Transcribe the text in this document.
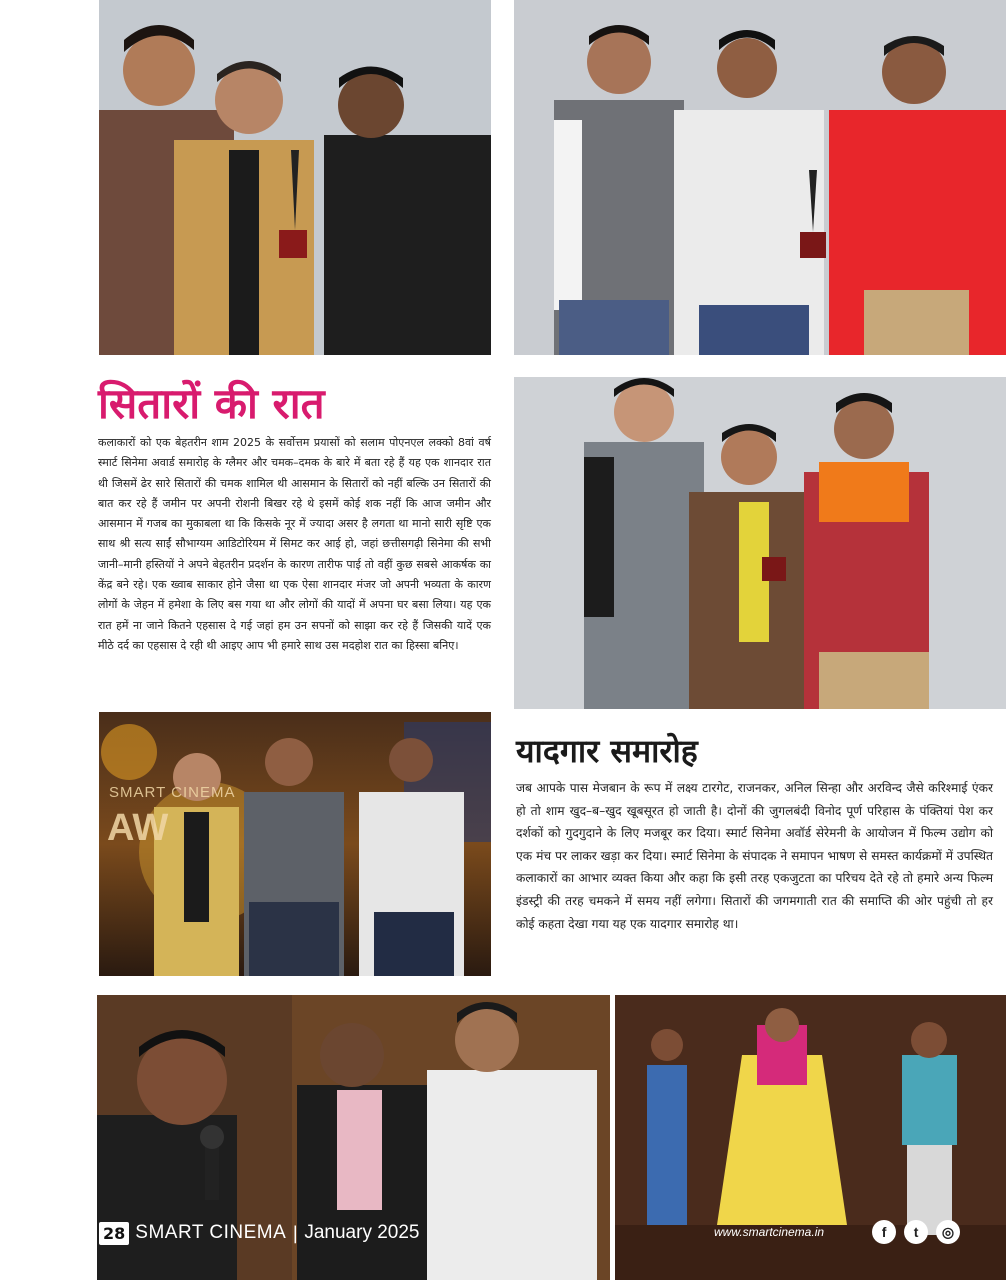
SMART CINEMA
AW
सितारों की रात

कलाकारों को एक बेहतरीन शाम 2025 के सर्वोत्तम प्रयासों को सलाम पोएनएल लक्को 8वां वर्ष स्मार्ट सिनेमा अवार्ड समारोह के ग्लैमर और चमक–दमक के बारे में बता रहे हैं यह एक शानदार रात थी जिसमें ढेर सारे सितारों की चमक शामिल थी आसमान के सितारों को नहीं बल्कि उन सितारों की बात कर रहे हैं जमीन पर अपनी रोशनी बिखर रहे थे इसमें कोई शक नहीं कि आज जमीन और आसमान में गजब का मुकाबला था कि किसके नूर में ज्यादा असर है लगता था मानो सारी सृष्टि एक साथ श्री सत्य साईं सौभाग्यम आडिटोरियम में सिमट कर आई हो, जहां छत्तीसगढ़ी सिनेमा की सभी जानी–मानी हस्तियों ने अपने बेहतरीन प्रदर्शन के कारण तारीफ पाई तो वहीं कुछ सबसे आकर्षक का केंद्र बने रहे। एक ख्वाब साकार होने जैसा था एक ऐसा शानदार मंजर जो अपनी भव्यता के कारण लोगों के जेहन में हमेशा के लिए बस गया था और लोगों की यादों में अपना घर बसा लिया। यह एक रात हमें ना जाने कितने एहसास दे गई जहां हम उन सपनों को साझा कर रहे हैं जिसकी यादें एक मीठे दर्द का एहसास दे रही थी आइए आप भी हमारे साथ उस मदहोश रात का हिस्सा बनिए।

यादगार समारोह

जब आपके पास मेजबान के रूप में लक्ष्य टारगेट, राजनकर, अनिल सिन्हा और अरविन्द जैसे करिश्माई एंकर हो तो शाम खुद–ब–खुद खूबसूरत हो जाती है। दोनों की जुगलबंदी विनोद पूर्ण परिहास के पंक्तियां पेश कर दर्शकों को गुदगुदाने के लिए मजबूर कर दिया। स्मार्ट सिनेमा अवॉर्ड सेरेमनी के आयोजन में फिल्म उद्योग को एक मंच पर लाकर खड़ा कर दिया। स्मार्ट सिनेमा के संपादक ने समापन भाषण से समस्त कार्यक्रमों में उपस्थित कलाकारों का आभार व्यक्त किया और कहा कि इसी तरह एकजुटता का परिचय देते रहे तो हमारे अन्य फिल्म इंडस्ट्री की तरह चमकने में समय नहीं लगेगा। सितारों की जगमगाती रात की समाप्ति की ओर पहुंची तो हर कोई कहता देखा गया यह एक यादगार समारोह था।

28 SMART CINEMA | January 2025	www.smartcinema.in	f	t	◎
